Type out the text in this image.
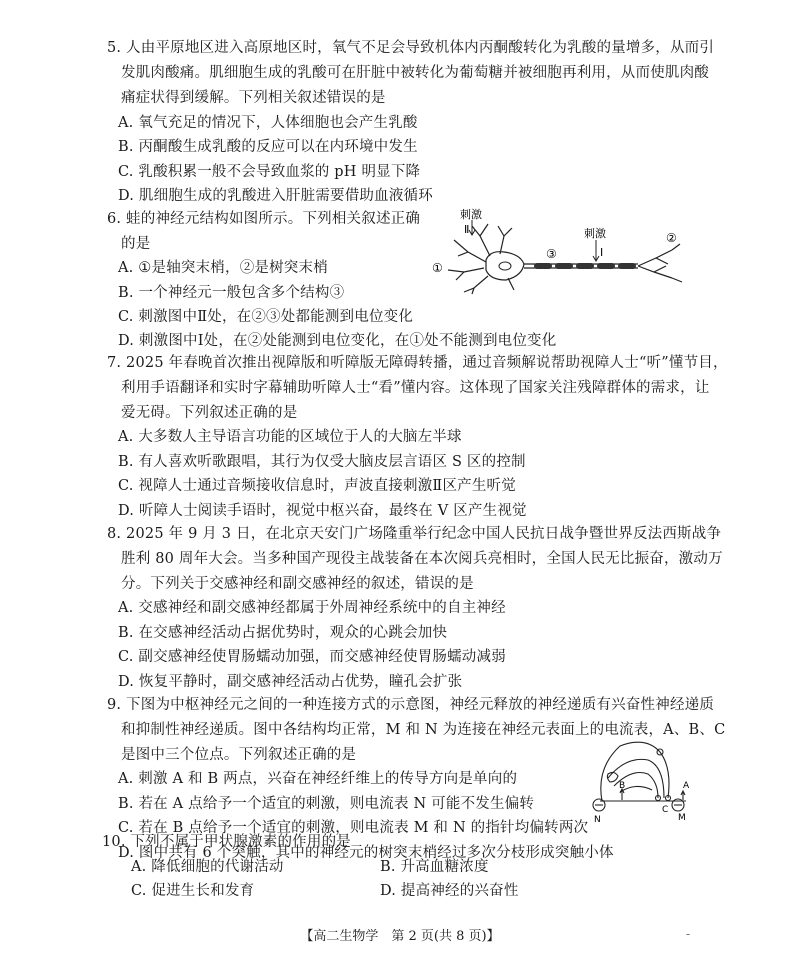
5. 人由平原地区进入高原地区时，氧气不足会导致机体内丙酮酸转化为乳酸的量增多，从而引
发肌肉酸痛。肌细胞生成的乳酸可在肝脏中被转化为葡萄糖并被细胞再利用，从而使肌肉酸
痛症状得到缓解。下列相关叙述错误的是
A. 氧气充足的情况下，人体细胞也会产生乳酸
B. 丙酮酸生成乳酸的反应可以在内环境中发生
C. 乳酸积累一般不会导致血浆的 pH 明显下降
D. 肌细胞生成的乳酸进入肝脏需要借助血液循环
6. 蛙的神经元结构如图所示。下列相关叙述正确
的是
A. ①是轴突末梢，②是树突末梢
B. 一个神经元一般包含多个结构③
C. 刺激图中Ⅱ处，在②③处都能测到电位变化
D. 刺激图中Ⅰ处，在②处能测到电位变化，在①处不能测到电位变化
刺激
刺激
Ⅱ
Ⅰ
①
③
②
7. 2025 年春晚首次推出视障版和听障版无障碍转播，通过音频解说帮助视障人士“听”懂节目，
利用手语翻译和实时字幕辅助听障人士“看”懂内容。这体现了国家关注残障群体的需求，让
爱无碍。下列叙述正确的是
A. 大多数人主导语言功能的区域位于人的大脑左半球
B. 有人喜欢听歌跟唱，其行为仅受大脑皮层言语区 S 区的控制
C. 视障人士通过音频接收信息时，声波直接刺激Ⅱ区产生听觉
D. 听障人士阅读手语时，视觉中枢兴奋，最终在 V 区产生视觉
8. 2025 年 9 月 3 日，在北京天安门广场隆重举行纪念中国人民抗日战争暨世界反法西斯战争
胜利 80 周年大会。当多种国产现役主战装备在本次阅兵亮相时，全国人民无比振奋，激动万
分。下列关于交感神经和副交感神经的叙述，错误的是
A. 交感神经和副交感神经都属于外周神经系统中的自主神经
B. 在交感神经活动占据优势时，观众的心跳会加快
C. 副交感神经使胃肠蠕动加强，而交感神经使胃肠蠕动减弱
D. 恢复平静时，副交感神经活动占优势，瞳孔会扩张
9. 下图为中枢神经元之间的一种连接方式的示意图，神经元释放的神经递质有兴奋性神经递质
和抑制性神经递质。图中各结构均正常，M 和 N 为连接在神经元表面上的电流表，A、B、C
是图中三个位点。下列叙述正确的是
A. 刺激 A 和 B 两点，兴奋在神经纤维上的传导方向是单向的
B. 若在 A 点给予一个适宜的刺激，则电流表 N 可能不发生偏转
C. 若在 B 点给予一个适宜的刺激，则电流表 M 和 N 的指针均偏转两次
D. 图中共有 6 个突触，其中的神经元的树突末梢经过多次分枝形成突触小体
B	A
C
M
N
10. 下列不属于甲状腺激素的作用的是
A. 降低细胞的代谢活动	B. 升高血糖浓度
C. 促进生长和发育	D. 提高神经的兴奋性
【高二生物学　第 2 页(共 8 页)】	-
